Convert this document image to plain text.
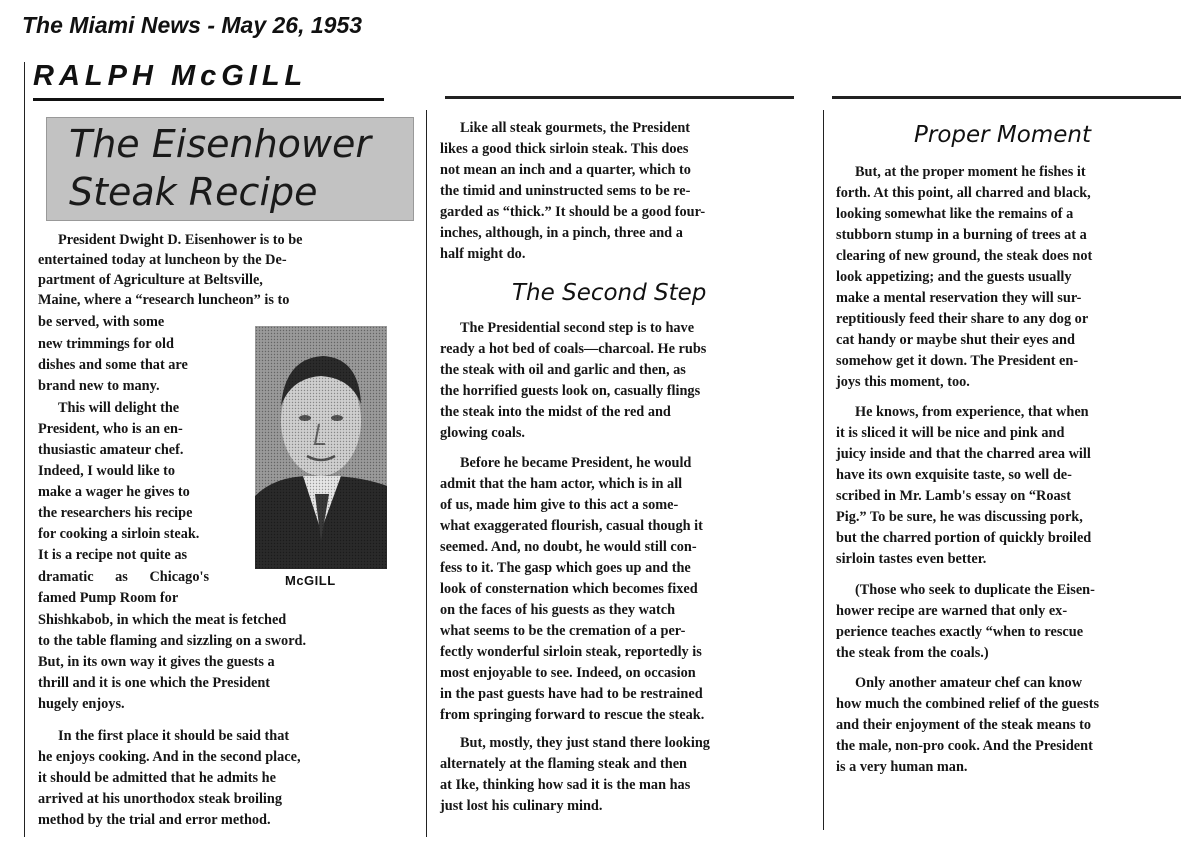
The Miami News - May 26, 1953
RALPH McGILL
The Eisenhower
Steak Recipe
McGILL
President Dwight D. Eisenhower is to be
entertained today at luncheon by the De-
partment of Agriculture at Beltsville,
Maine, where a “research luncheon” is to
be served, with some
new trimmings for old
dishes and some that are
brand new to many.
This will delight the
President, who is an en-
thusiastic amateur chef.
Indeed, I would like to
make a wager he gives to
the researchers his recipe
for cooking a sirloin steak.
It is a recipe not quite as
dramatic as Chicago's
famed Pump Room for
Shishkabob, in which the meat is fetched
to the table flaming and sizzling on a sword.
But, in its own way it gives the guests a
thrill and it is one which the President
hugely enjoys.
In the first place it should be said that
he enjoys cooking. And in the second place,
it should be admitted that he admits he
arrived at his unorthodox steak broiling
method by the trial and error method.
Like all steak gourmets, the President
likes a good thick sirloin steak. This does
not mean an inch and a quarter, which to
the timid and uninstructed sems to be re-
garded as “thick.” It should be a good four-
inches, although, in a pinch, three and a
half might do.
The Second Step
The Presidential second step is to have
ready a hot bed of coals—charcoal. He rubs
the steak with oil and garlic and then, as
the horrified guests look on, casually flings
the steak into the midst of the red and
glowing coals.
Before he became President, he would
admit that the ham actor, which is in all
of us, made him give to this act a some-
what exaggerated flourish, casual though it
seemed. And, no doubt, he would still con-
fess to it. The gasp which goes up and the
look of consternation which becomes fixed
on the faces of his guests as they watch
what seems to be the cremation of a per-
fectly wonderful sirloin steak, reportedly is
most enjoyable to see. Indeed, on occasion
in the past guests have had to be restrained
from springing forward to rescue the steak.
But, mostly, they just stand there looking
alternately at the flaming steak and then
at Ike, thinking how sad it is the man has
just lost his culinary mind.
Proper Moment
But, at the proper moment he fishes it
forth. At this point, all charred and black,
looking somewhat like the remains of a
stubborn stump in a burning of trees at a
clearing of new ground, the steak does not
look appetizing; and the guests usually
make a mental reservation they will sur-
reptitiously feed their share to any dog or
cat handy or maybe shut their eyes and
somehow get it down. The President en-
joys this moment, too.
He knows, from experience, that when
it is sliced it will be nice and pink and
juicy inside and that the charred area will
have its own exquisite taste, so well de-
scribed in Mr. Lamb's essay on “Roast
Pig.” To be sure, he was discussing pork,
but the charred portion of quickly broiled
sirloin tastes even better.
(Those who seek to duplicate the Eisen-
hower recipe are warned that only ex-
perience teaches exactly “when to rescue
the steak from the coals.)
Only another amateur chef can know
how much the combined relief of the guests
and their enjoyment of the steak means to
the male, non-pro cook. And the President
is a very human man.
